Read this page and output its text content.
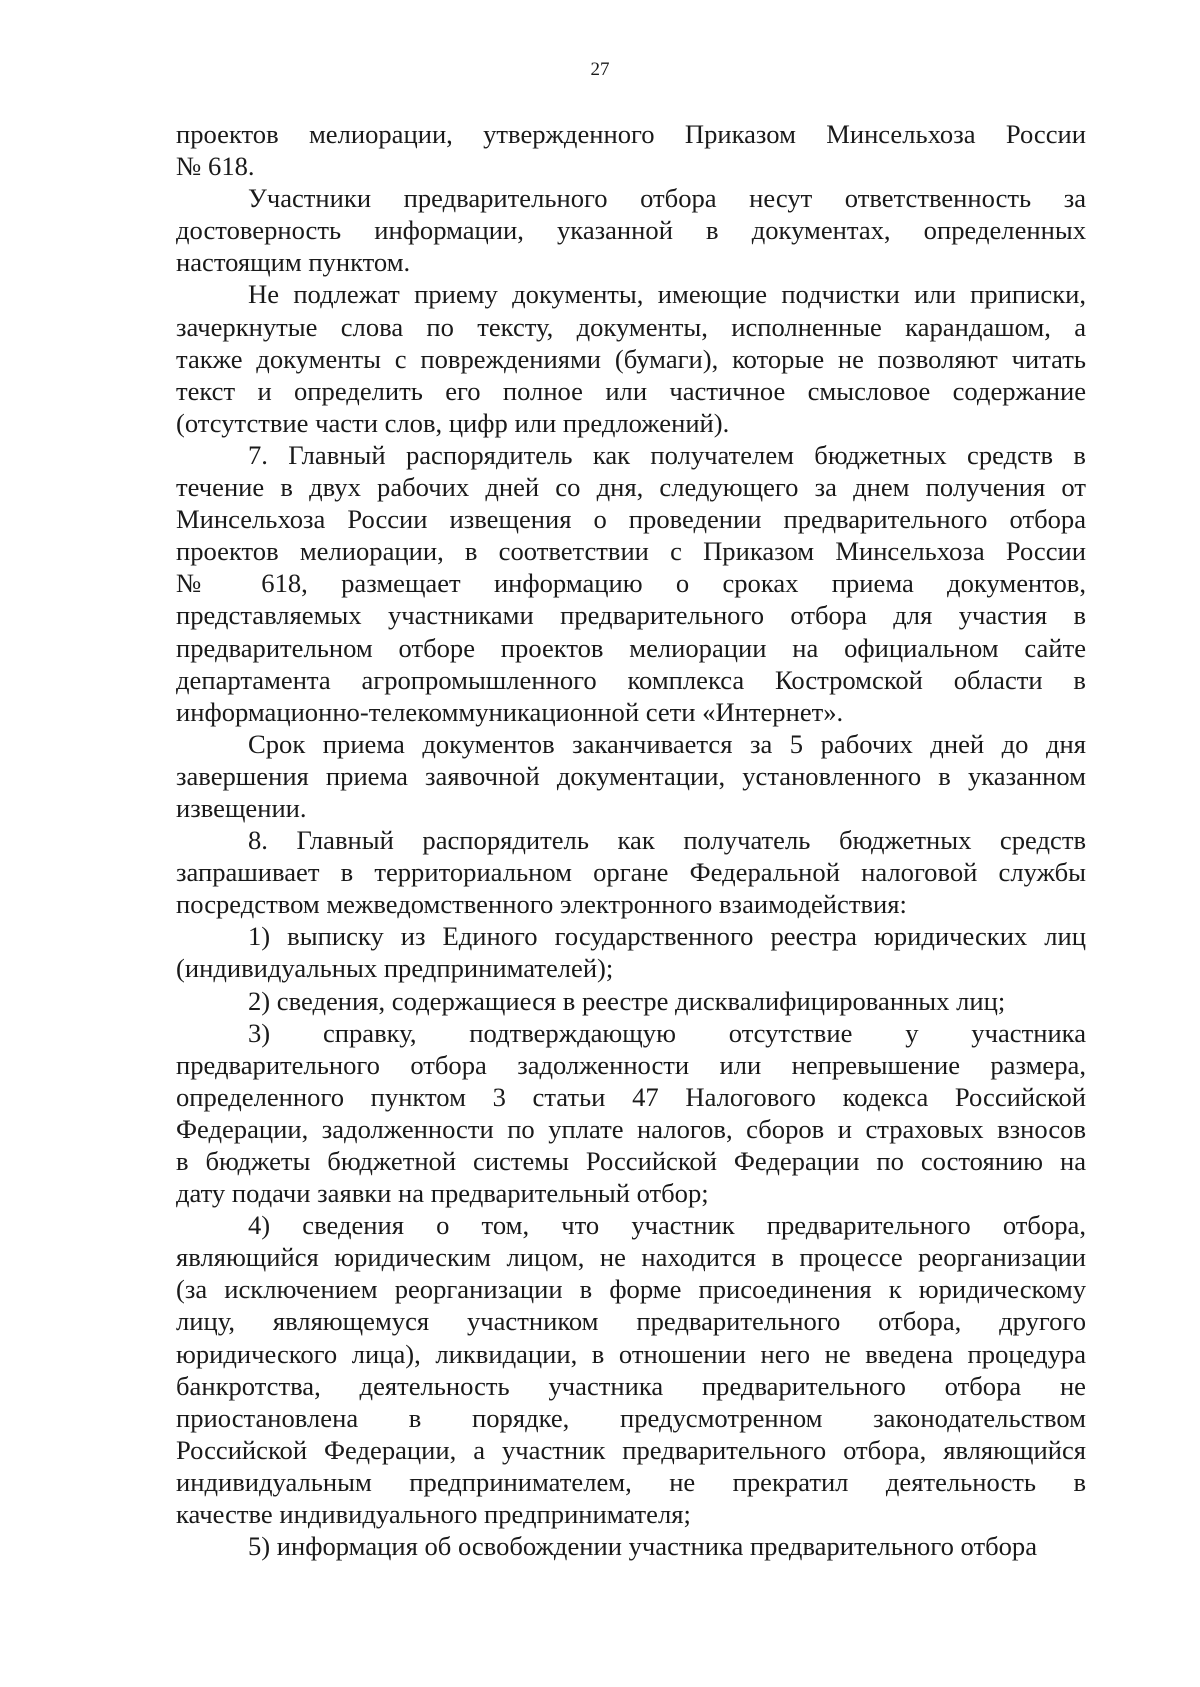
27

проектов мелиорации, утвержденного Приказом Минсельхоза России

№ 618.

Участники предварительного отбора несут ответственность за

достоверность информации, указанной в документах, определенных

настоящим пунктом.

Не подлежат приему документы, имеющие подчистки или приписки,

зачеркнутые слова по тексту, документы, исполненные карандашом, а

также документы с повреждениями (бумаги), которые не позволяют читать

текст и определить его полное или частичное смысловое содержание

(отсутствие части слов, цифр или предложений).

7. Главный распорядитель как получателем бюджетных средств в

течение в двух рабочих дней со дня, следующего за днем получения от

Минсельхоза России извещения о проведении предварительного отбора

проектов мелиорации, в соответствии с Приказом Минсельхоза России

№ 618, размещает информацию о сроках приема документов,

представляемых участниками предварительного отбора для участия в

предварительном отборе проектов мелиорации на официальном сайте

департамента агропромышленного комплекса Костромской области в

информационно-телекоммуникационной сети «Интернет».

Срок приема документов заканчивается за 5 рабочих дней до дня

завершения приема заявочной документации, установленного в указанном

извещении.

8. Главный распорядитель как получатель бюджетных средств

запрашивает в территориальном органе Федеральной налоговой службы

посредством межведомственного электронного взаимодействия:

1) выписку из Единого государственного реестра юридических лиц

(индивидуальных предпринимателей);

2) сведения, содержащиеся в реестре дисквалифицированных лиц;

3) справку, подтверждающую отсутствие у участника

предварительного отбора задолженности или непревышение размера,

определенного пунктом 3 статьи 47 Налогового кодекса Российской

Федерации, задолженности по уплате налогов, сборов и страховых взносов

в бюджеты бюджетной системы Российской Федерации по состоянию на

дату подачи заявки на предварительный отбор;

4) сведения о том, что участник предварительного отбора,

являющийся юридическим лицом, не находится в процессе реорганизации

(за исключением реорганизации в форме присоединения к юридическому

лицу, являющемуся участником предварительного отбора, другого

юридического лица), ликвидации, в отношении него не введена процедура

банкротства, деятельность участника предварительного отбора не

приостановлена в порядке, предусмотренном законодательством

Российской Федерации, а участник предварительного отбора, являющийся

индивидуальным предпринимателем, не прекратил деятельность в

качестве индивидуального предпринимателя;

5) информация об освобождении участника предварительного отбора
